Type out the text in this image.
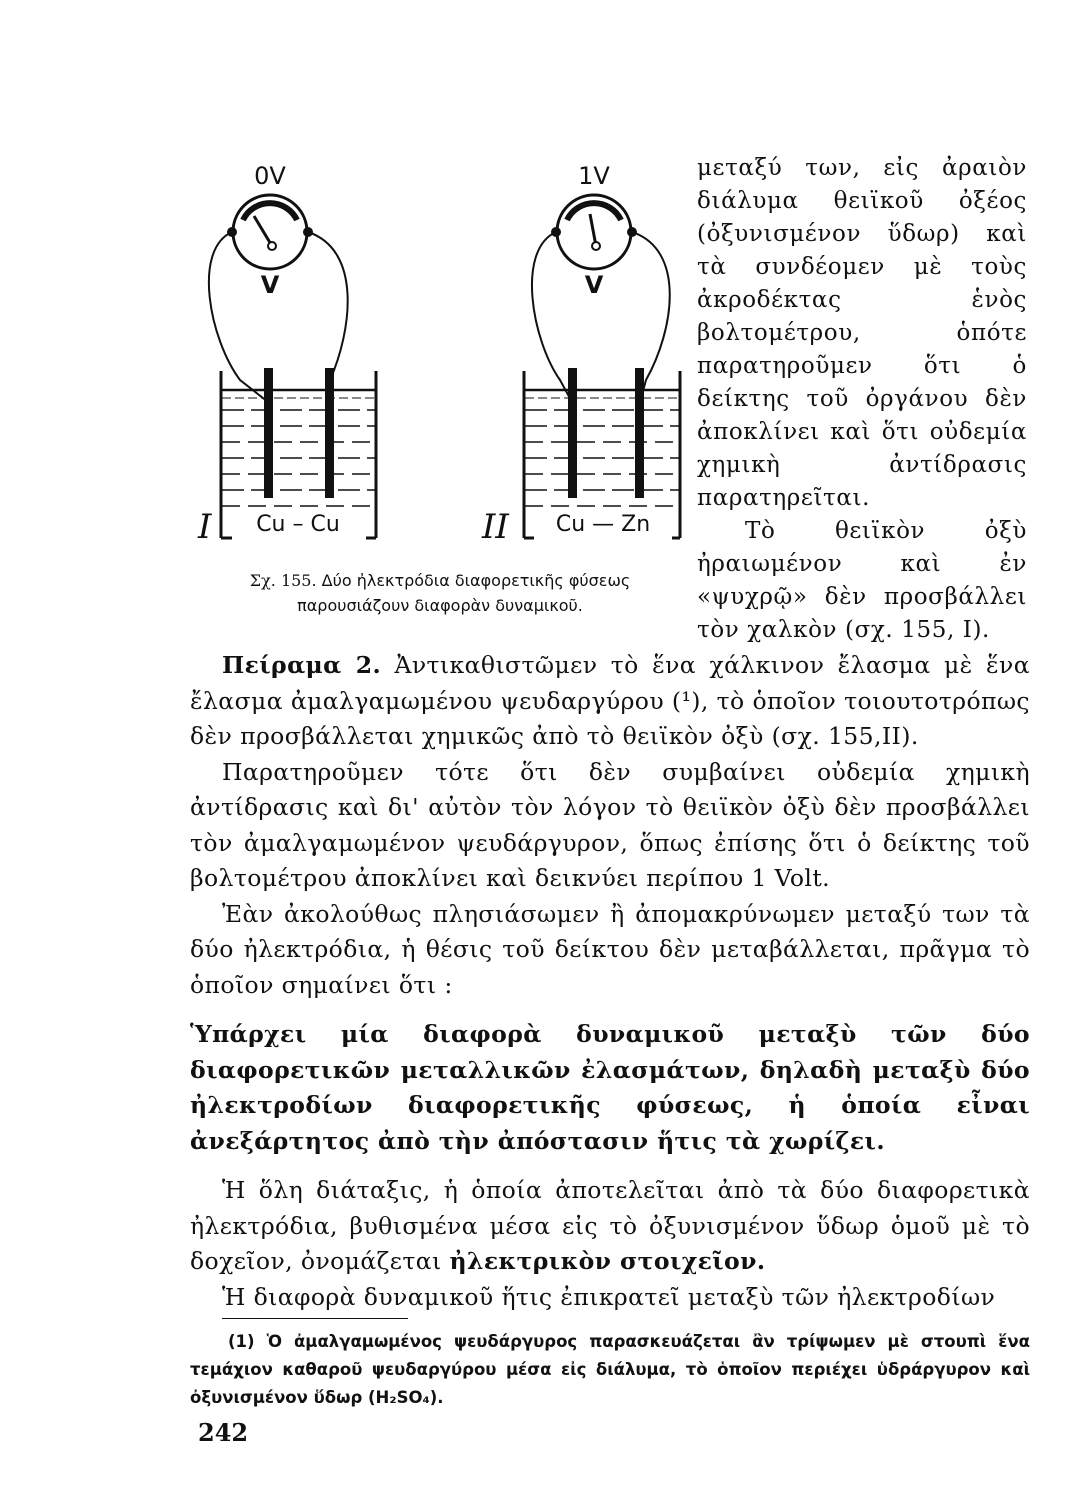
0V
V
Cu – Cu
I
1V
V
Cu — Zn
II
Σχ. 155. Δύο ἠλεκτρόδια διαφορετικῆς φύσεως
παρουσιάζουν διαφορὰν δυναμικοῦ.

μεταξύ των, εἰς ἀραιὸν διάλυμα θειϊκοῦ ὀξέος (ὀξυνισμένον ὕδωρ) καὶ τὰ συνδέομεν μὲ τοὺς ἀκροδέκτας ἑνὸς βολτομέτρου, ὁπότε παρατηροῦμεν ὅτι ὁ δείκτης τοῦ ὀργάνου δὲν ἀποκλίνει καὶ ὅτι οὐδεμία χημικὴ ἀντίδρασις παρατηρεῖται.

Τὸ θειϊκὸν ὀξὺ ἠραιωμένον καὶ ἐν «ψυχρῷ» δὲν προσβάλλει τὸν χαλκὸν (σχ. 155, Ι).

Πείραμα 2. Ἀντικαθιστῶμεν τὸ ἕνα χάλκινον ἔλασμα μὲ ἕνα ἔλασμα ἀμαλγαμωμένου ψευδαργύρου (¹), τὸ ὁποῖον τοιουτοτρόπως δὲν προσβάλλεται χημικῶς ἀπὸ τὸ θειϊκὸν ὀξὺ (σχ. 155,II).

Παρατηροῦμεν τότε ὅτι δὲν συμβαίνει οὐδεμία χημικὴ ἀντίδρασις καὶ δι' αὐτὸν τὸν λόγον τὸ θειϊκὸν ὀξὺ δὲν προσβάλλει τὸν ἀμαλγαμωμένον ψευδάργυρον, ὅπως ἐπίσης ὅτι ὁ δείκτης τοῦ βολτομέτρου ἀποκλίνει καὶ δεικνύει περίπου 1 Volt.

Ἐὰν ἀκολούθως πλησιάσωμεν ἢ ἀπομακρύνωμεν μεταξύ των τὰ δύο ἠλεκτρόδια, ἡ θέσις τοῦ δείκτου δὲν μεταβάλλεται, πρᾶγμα τὸ ὁποῖον σημαίνει ὅτι :

Ὑπάρχει μία διαφορὰ δυναμικοῦ μεταξὺ τῶν δύο διαφορετικῶν μεταλλικῶν ἐλασμάτων, δηλαδὴ μεταξὺ δύο ἠλεκτροδίων διαφορετικῆς φύσεως, ἡ ὁποία εἶναι ἀνεξάρτητος ἀπὸ τὴν ἀπόστασιν ἥτις τὰ χωρίζει.

Ἡ ὅλη διάταξις, ἡ ὁποία ἀποτελεῖται ἀπὸ τὰ δύο διαφορετικὰ ἠλεκτρόδια, βυθισμένα μέσα εἰς τὸ ὀξυνισμένον ὕδωρ ὁμοῦ μὲ τὸ δοχεῖον, ὀνομάζεται ἠλεκτρικὸν στοιχεῖον.

Ἡ διαφορὰ δυναμικοῦ ἥτις ἐπικρατεῖ μεταξὺ τῶν ἠλεκτροδίων

(1) Ὁ ἀμαλγαμωμένος ψευδάργυρος παρασκευάζεται ἂν τρίψωμεν μὲ στουπὶ ἕνα τεμάχιον καθαροῦ ψευδαργύρου μέσα εἰς διάλυμα, τὸ ὁποῖον περιέχει ὑδράργυρον καὶ ὀξυνισμένον ὕδωρ (H₂SO₄).

242
